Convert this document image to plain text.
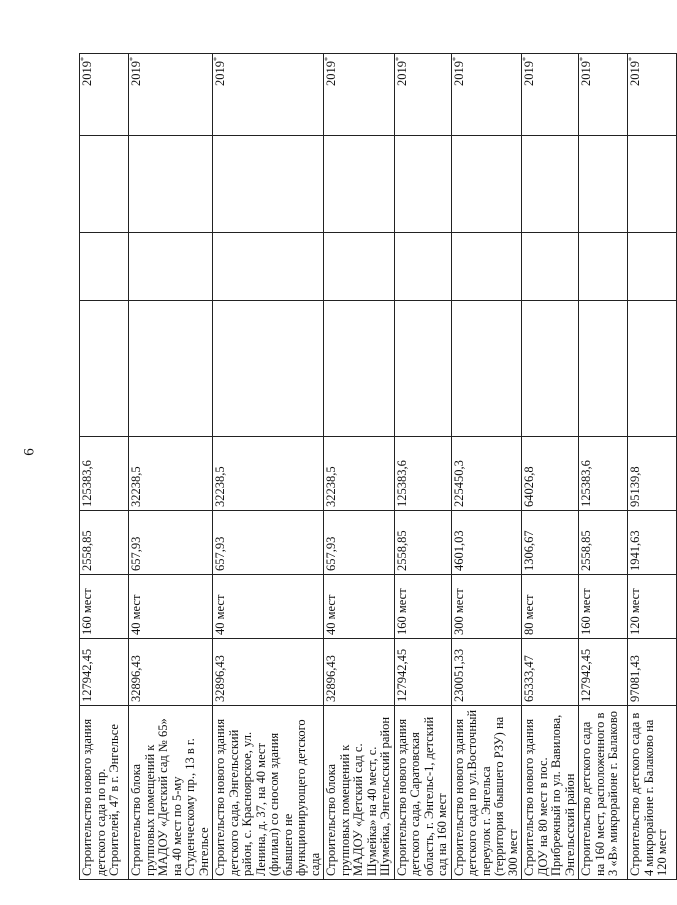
6
Строительство нового здания детского сада по пр. Строителей, 47 в г. Энгельсе	127942,45	160 мест	2558,85	125383,6				2019*
Строительство блока групповых помещений к МАДОУ «Детский сад № 65» на 40 мест по 5-му Студенческому пр., 13 в г. Энгельсе	32896,43	40 мест	657,93	32238,5				2019*
Строительство нового здания детского сада, Энгельсский район, с. Красноярское, ул. Ленина, д. 37, на 40 мест (филиал) со сносом здания бывшего не функционирующего детского сада	32896,43	40 мест	657,93	32238,5				2019*
Строительство блока групповых помещений к МАДОУ «Детский сад с. Шумейка» на 40 мест, с. Шумейка, Энгельсский район	32896,43	40 мест	657,93	32238,5				2019*
Строительство нового здания детского сада, Саратовская область, г. Энгельс-1, детский сад на 160 мест	127942,45	160 мест	2558,85	125383,6				2019*
Строительство нового здания детского сада по ул.Восточный переулок г. Энгельса (территория бывшего РЗУ) на 300 мест	230051,33	300 мест	4601,03	225450,3				2019*
Строительство нового здания ДОУ на 80 мест в пос. Прибрежный по ул. Вавилова, Энгельсский район	65333,47	80 мест	1306,67	64026,8				2019*
Строительство детского сада на 160 мест, расположенного в 3 «В» микрорайоне г. Балаково	127942,45	160 мест	2558,85	125383,6				2019*
Строительство детского сада в 4 микрорайоне г. Балаково на 120 мест	97081,43	120 мест	1941,63	95139,8				2019*
